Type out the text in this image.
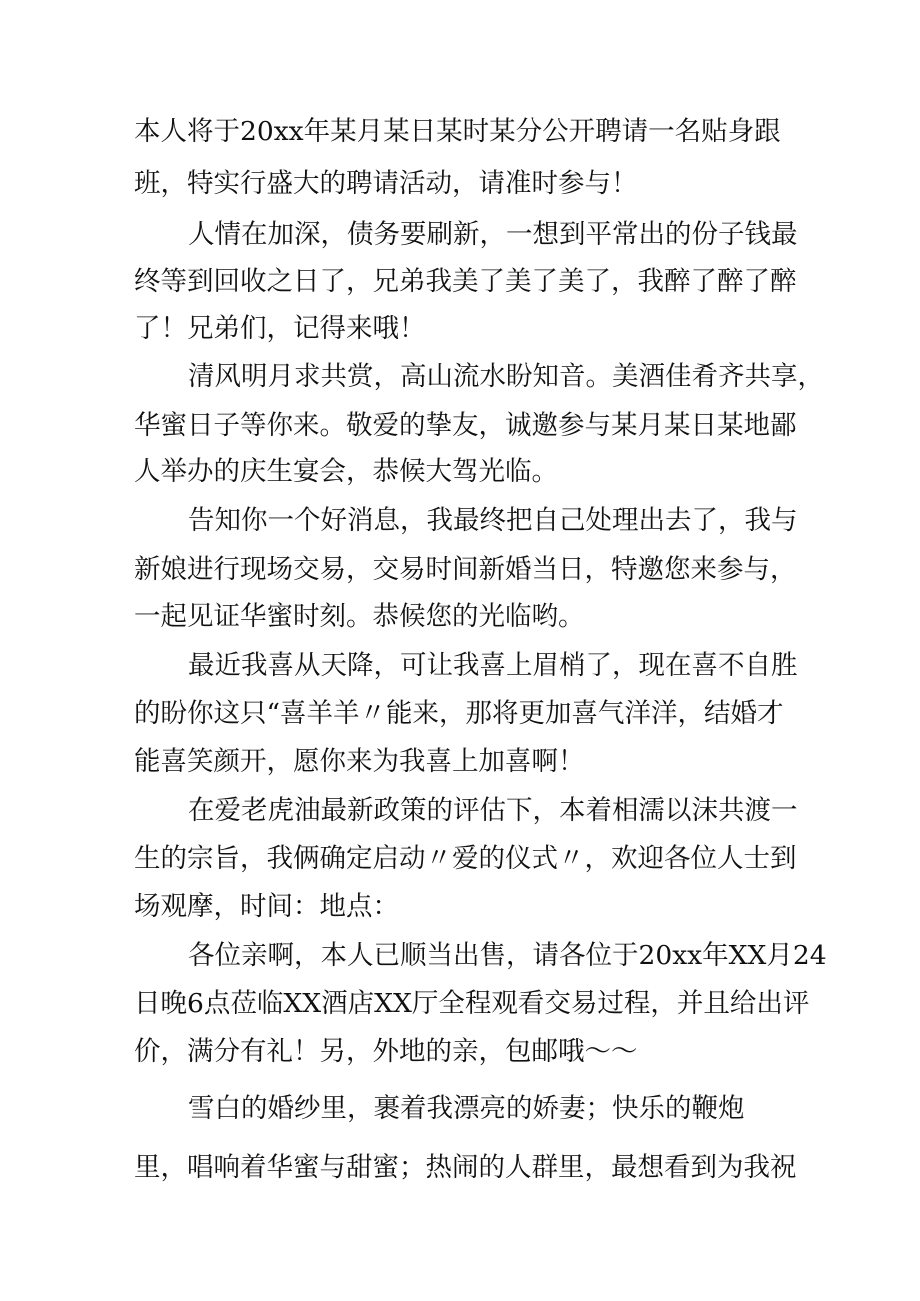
本人将于20xx年某月某日某时某分公开聘请一名贴身跟

班，特实行盛大的聘请活动，请准时参与！

人情在加深，债务要刷新，一想到平常出的份子钱最

终等到回收之日了，兄弟我美了美了美了，我醉了醉了醉

了！兄弟们，记得来哦！

清风明月求共赏，高山流水盼知音。美酒佳肴齐共享，

华蜜日子等你来。敬爱的挚友，诚邀参与某月某日某地鄙

人举办的庆生宴会，恭候大驾光临。

告知你一个好消息，我最终把自己处理出去了，我与

新娘进行现场交易，交易时间新婚当日，特邀您来参与，

一起见证华蜜时刻。恭候您的光临哟。

最近我喜从天降，可让我喜上眉梢了，现在喜不自胜

的盼你这只“喜羊羊〃能来，那将更加喜气洋洋，结婚才

能喜笑颜开，愿你来为我喜上加喜啊！

在爱老虎油最新政策的评估下，本着相濡以沫共渡一

生的宗旨，我俩确定启动〃爱的仪式〃，欢迎各位人士到

场观摩，时间：地点：

各位亲啊，本人已顺当出售，请各位于20xx年XX月24

日晚6点莅临XX酒店XX厅全程观看交易过程，并且给出评

价，满分有礼！另，外地的亲，包邮哦～～

雪白的婚纱里，裹着我漂亮的娇妻；快乐的鞭炮

里，唱响着华蜜与甜蜜；热闹的人群里，最想看到为我祝
